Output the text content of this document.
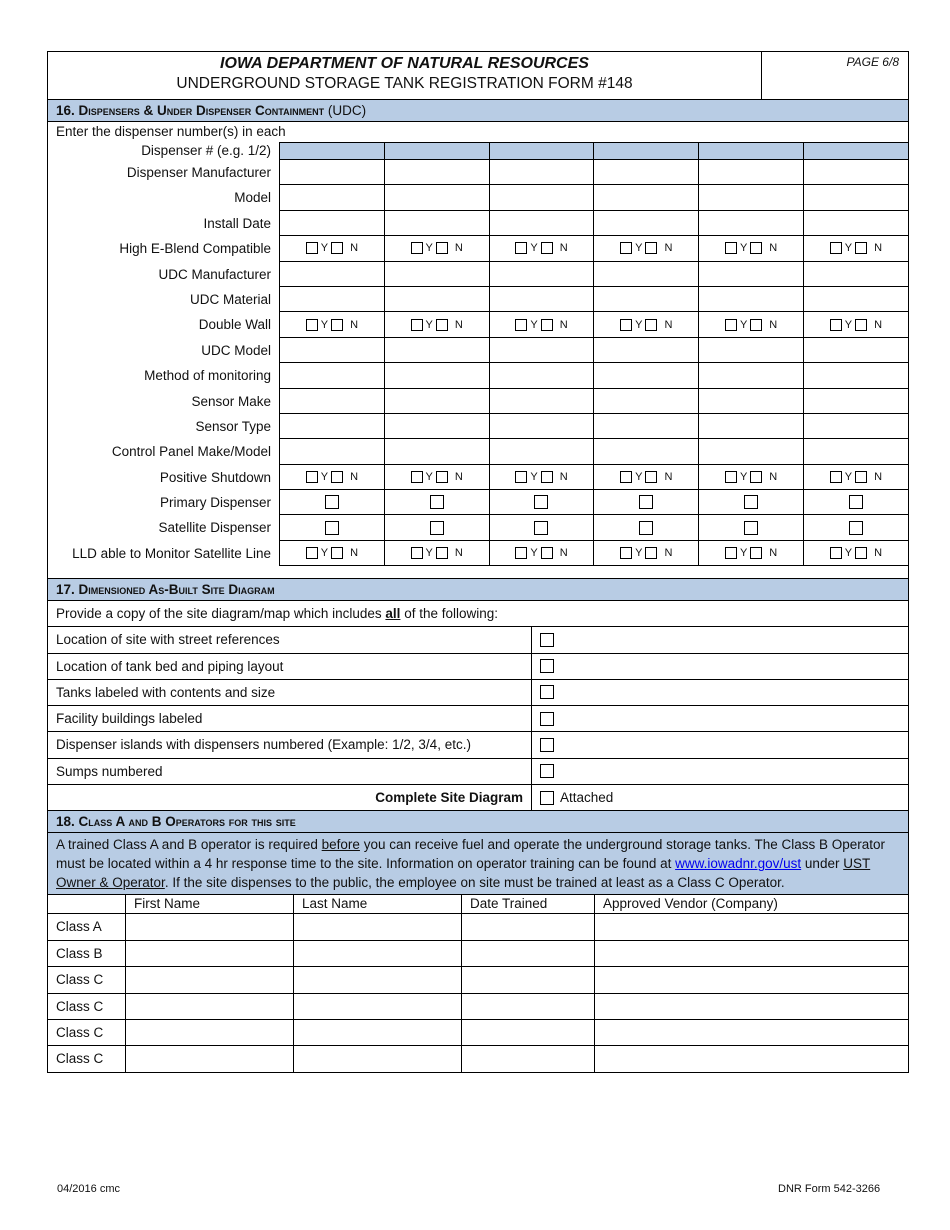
IOWA DEPARTMENT OF NATURAL RESOURCES
UNDERGROUND STORAGE TANK REGISTRATION FORM #148
PAGE 6/8
16. Dispensers & Under Dispenser Containment (UDC)
Enter the dispenser number(s) in each
Dispenser # (e.g. 1/2)
Dispenser Manufacturer
Model
Install Date
High E-Blend Compatible	Y N	Y N	Y N	Y N	Y N	Y N
UDC Manufacturer
UDC Material
Double Wall	Y N	Y N	Y N	Y N	Y N	Y N
UDC Model
Method of monitoring
Sensor Make
Sensor Type
Control Panel Make/Model
Positive Shutdown	Y N	Y N	Y N	Y N	Y N	Y N
Primary Dispenser
Satellite Dispenser
LLD able to Monitor Satellite Line	Y N	Y N	Y N	Y N	Y N	Y N
17. Dimensioned As-Built Site Diagram
Provide a copy of the site diagram/map which includes all of the following:
Location of site with street references
Location of tank bed and piping layout
Tanks labeled with contents and size
Facility buildings labeled
Dispenser islands with dispensers numbered (Example: 1/2, 3/4, etc.)
Sumps numbered
Complete Site Diagram	Attached
18. Class A and B Operators for this site
A trained Class A and B operator is required before you can receive fuel and operate the underground storage tanks. The Class B Operator must be located within a 4 hr response time to the site. Information on operator training can be found at www.iowadnr.gov/ust under UST Owner & Operator. If the site dispenses to the public, the employee on site must be trained at least as a Class C Operator.
First Name	Last Name	Date Trained	Approved Vendor (Company)
Class A
Class B
Class C
Class C
Class C
Class C
04/2016 cmc	DNR Form 542-3266
